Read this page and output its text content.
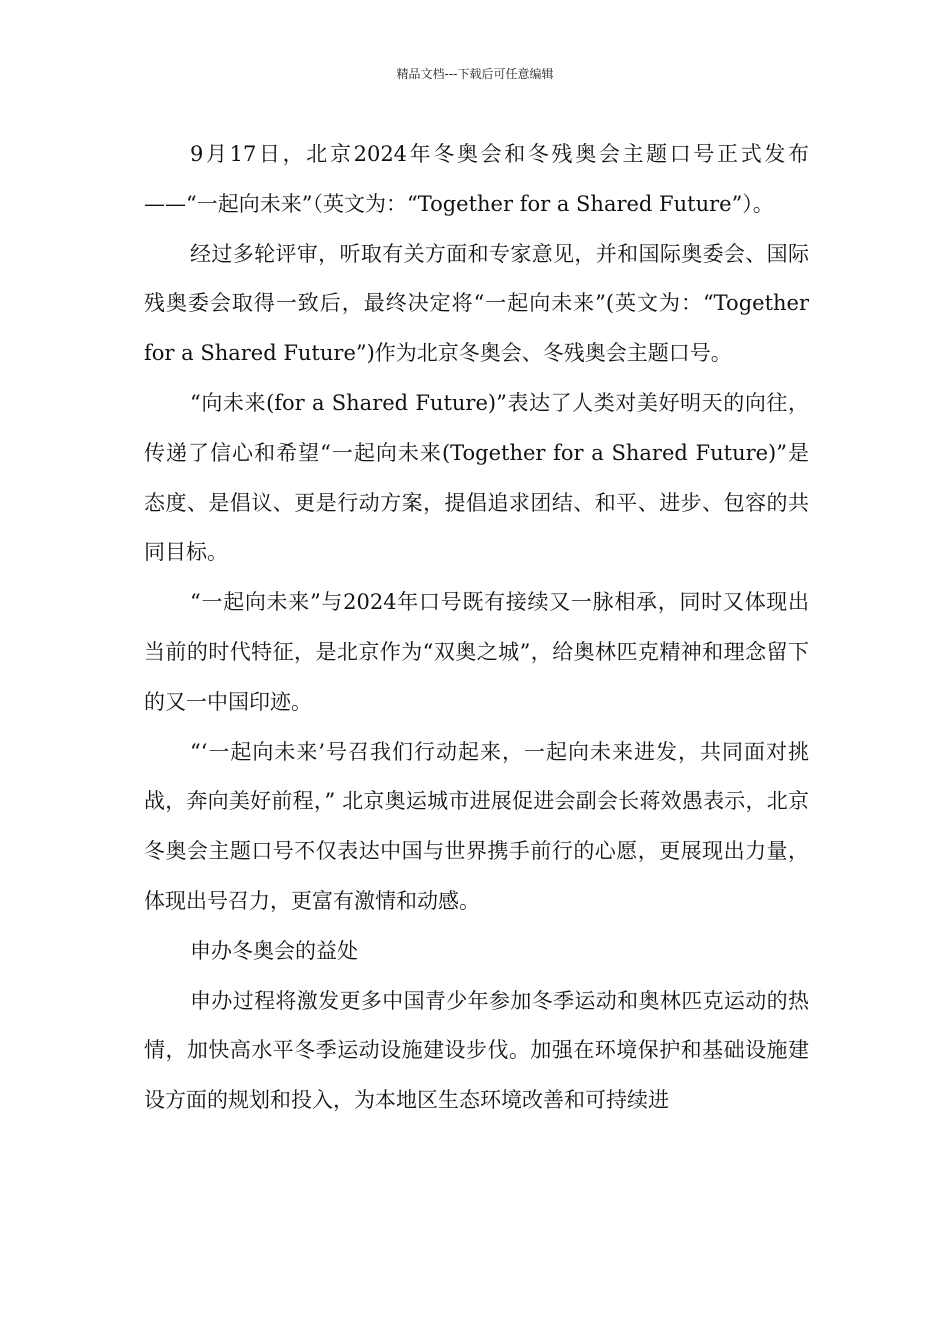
精品文档---下载后可任意编辑

9月17日，北京2024年冬奥会和冬残奥会主题口号正式发布——“一起向未来”（英文为：“Together for a Shared Future”）。

经过多轮评审，听取有关方面和专家意见，并和国际奥委会、国际残奥委会取得一致后，最终决定将“一起向未来”(英文为：“Together for a Shared Future”)作为北京冬奥会、冬残奥会主题口号。

“向未来(for a Shared Future)”表达了人类对美好明天的向往，传递了信心和希望“一起向未来(Together for a Shared Future)”是态度、是倡议、更是行动方案，提倡追求团结、和平、进步、包容的共同目标。

“一起向未来”与2024年口号既有接续又一脉相承，同时又体现出当前的时代特征，是北京作为“双奥之城”，给奥林匹克精神和理念留下的又一中国印迹。

“‘一起向未来’号召我们行动起来，一起向未来进发，共同面对挑战，奔向美好前程，” 北京奥运城市进展促进会副会长蒋效愚表示，北京冬奥会主题口号不仅表达中国与世界携手前行的心愿，更展现出力量，体现出号召力，更富有激情和动感。

申办冬奥会的益处

申办过程将激发更多中国青少年参加冬季运动和奥林匹克运动的热情，加快高水平冬季运动设施建设步伐。加强在环境保护和基础设施建设方面的规划和投入，为本地区生态环境改善和可持续进
